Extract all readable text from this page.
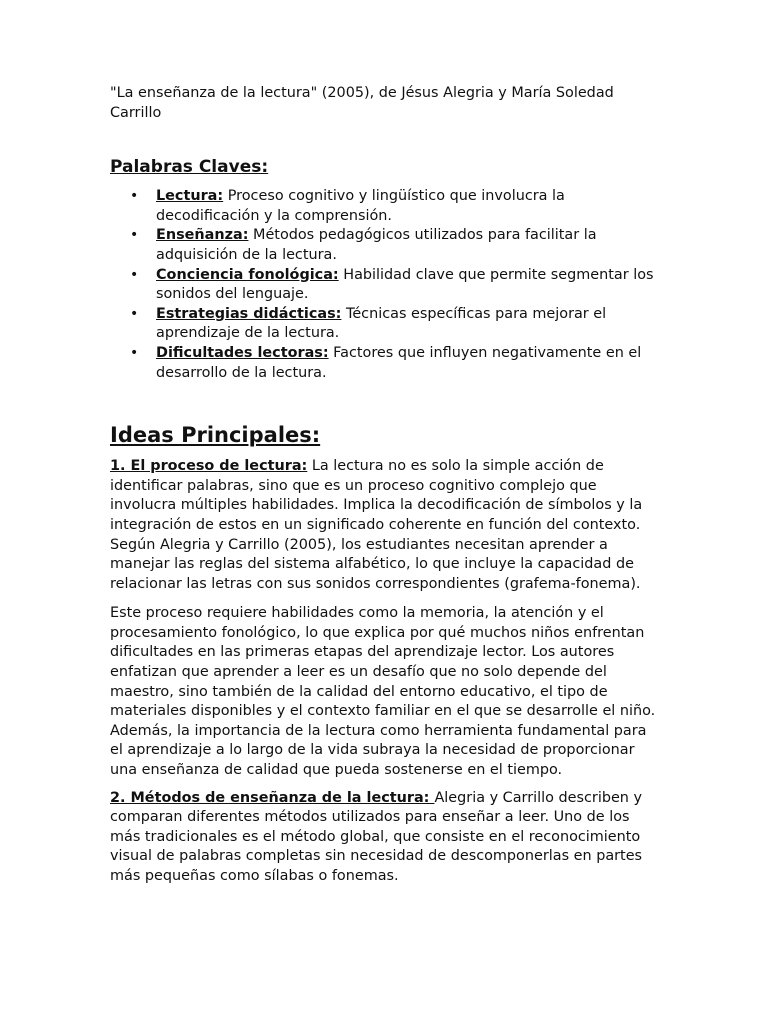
"La enseñanza de la lectura" (2005), de Jésus Alegria y María Soledad Carrillo

Palabras Claves:
• Lectura: Proceso cognitivo y lingüístico que involucra la decodificación y la comprensión.
• Enseñanza: Métodos pedagógicos utilizados para facilitar la adquisición de la lectura.
• Conciencia fonológica: Habilidad clave que permite segmentar los sonidos del lenguaje.
• Estrategias didácticas: Técnicas específicas para mejorar el aprendizaje de la lectura.
• Dificultades lectoras: Factores que influyen negativamente en el desarrollo de la lectura.
Ideas Principales:

1. El proceso de lectura: La lectura no es solo la simple acción de identificar palabras, sino que es un proceso cognitivo complejo que involucra múltiples habilidades. Implica la decodificación de símbolos y la integración de estos en un significado coherente en función del contexto. Según Alegria y Carrillo (2005), los estudiantes necesitan aprender a manejar las reglas del sistema alfabético, lo que incluye la capacidad de relacionar las letras con sus sonidos correspondientes (grafema-fonema).

Este proceso requiere habilidades como la memoria, la atención y el procesamiento fonológico, lo que explica por qué muchos niños enfrentan dificultades en las primeras etapas del aprendizaje lector. Los autores enfatizan que aprender a leer es un desafío que no solo depende del maestro, sino también de la calidad del entorno educativo, el tipo de materiales disponibles y el contexto familiar en el que se desarrolle el niño. Además, la importancia de la lectura como herramienta fundamental para el aprendizaje a lo largo de la vida subraya la necesidad de proporcionar una enseñanza de calidad que pueda sostenerse en el tiempo.

2. Métodos de enseñanza de la lectura: Alegria y Carrillo describen y comparan diferentes métodos utilizados para enseñar a leer. Uno de los más tradicionales es el método global, que consiste en el reconocimiento visual de palabras completas sin necesidad de descomponerlas en partes más pequeñas como sílabas o fonemas.
